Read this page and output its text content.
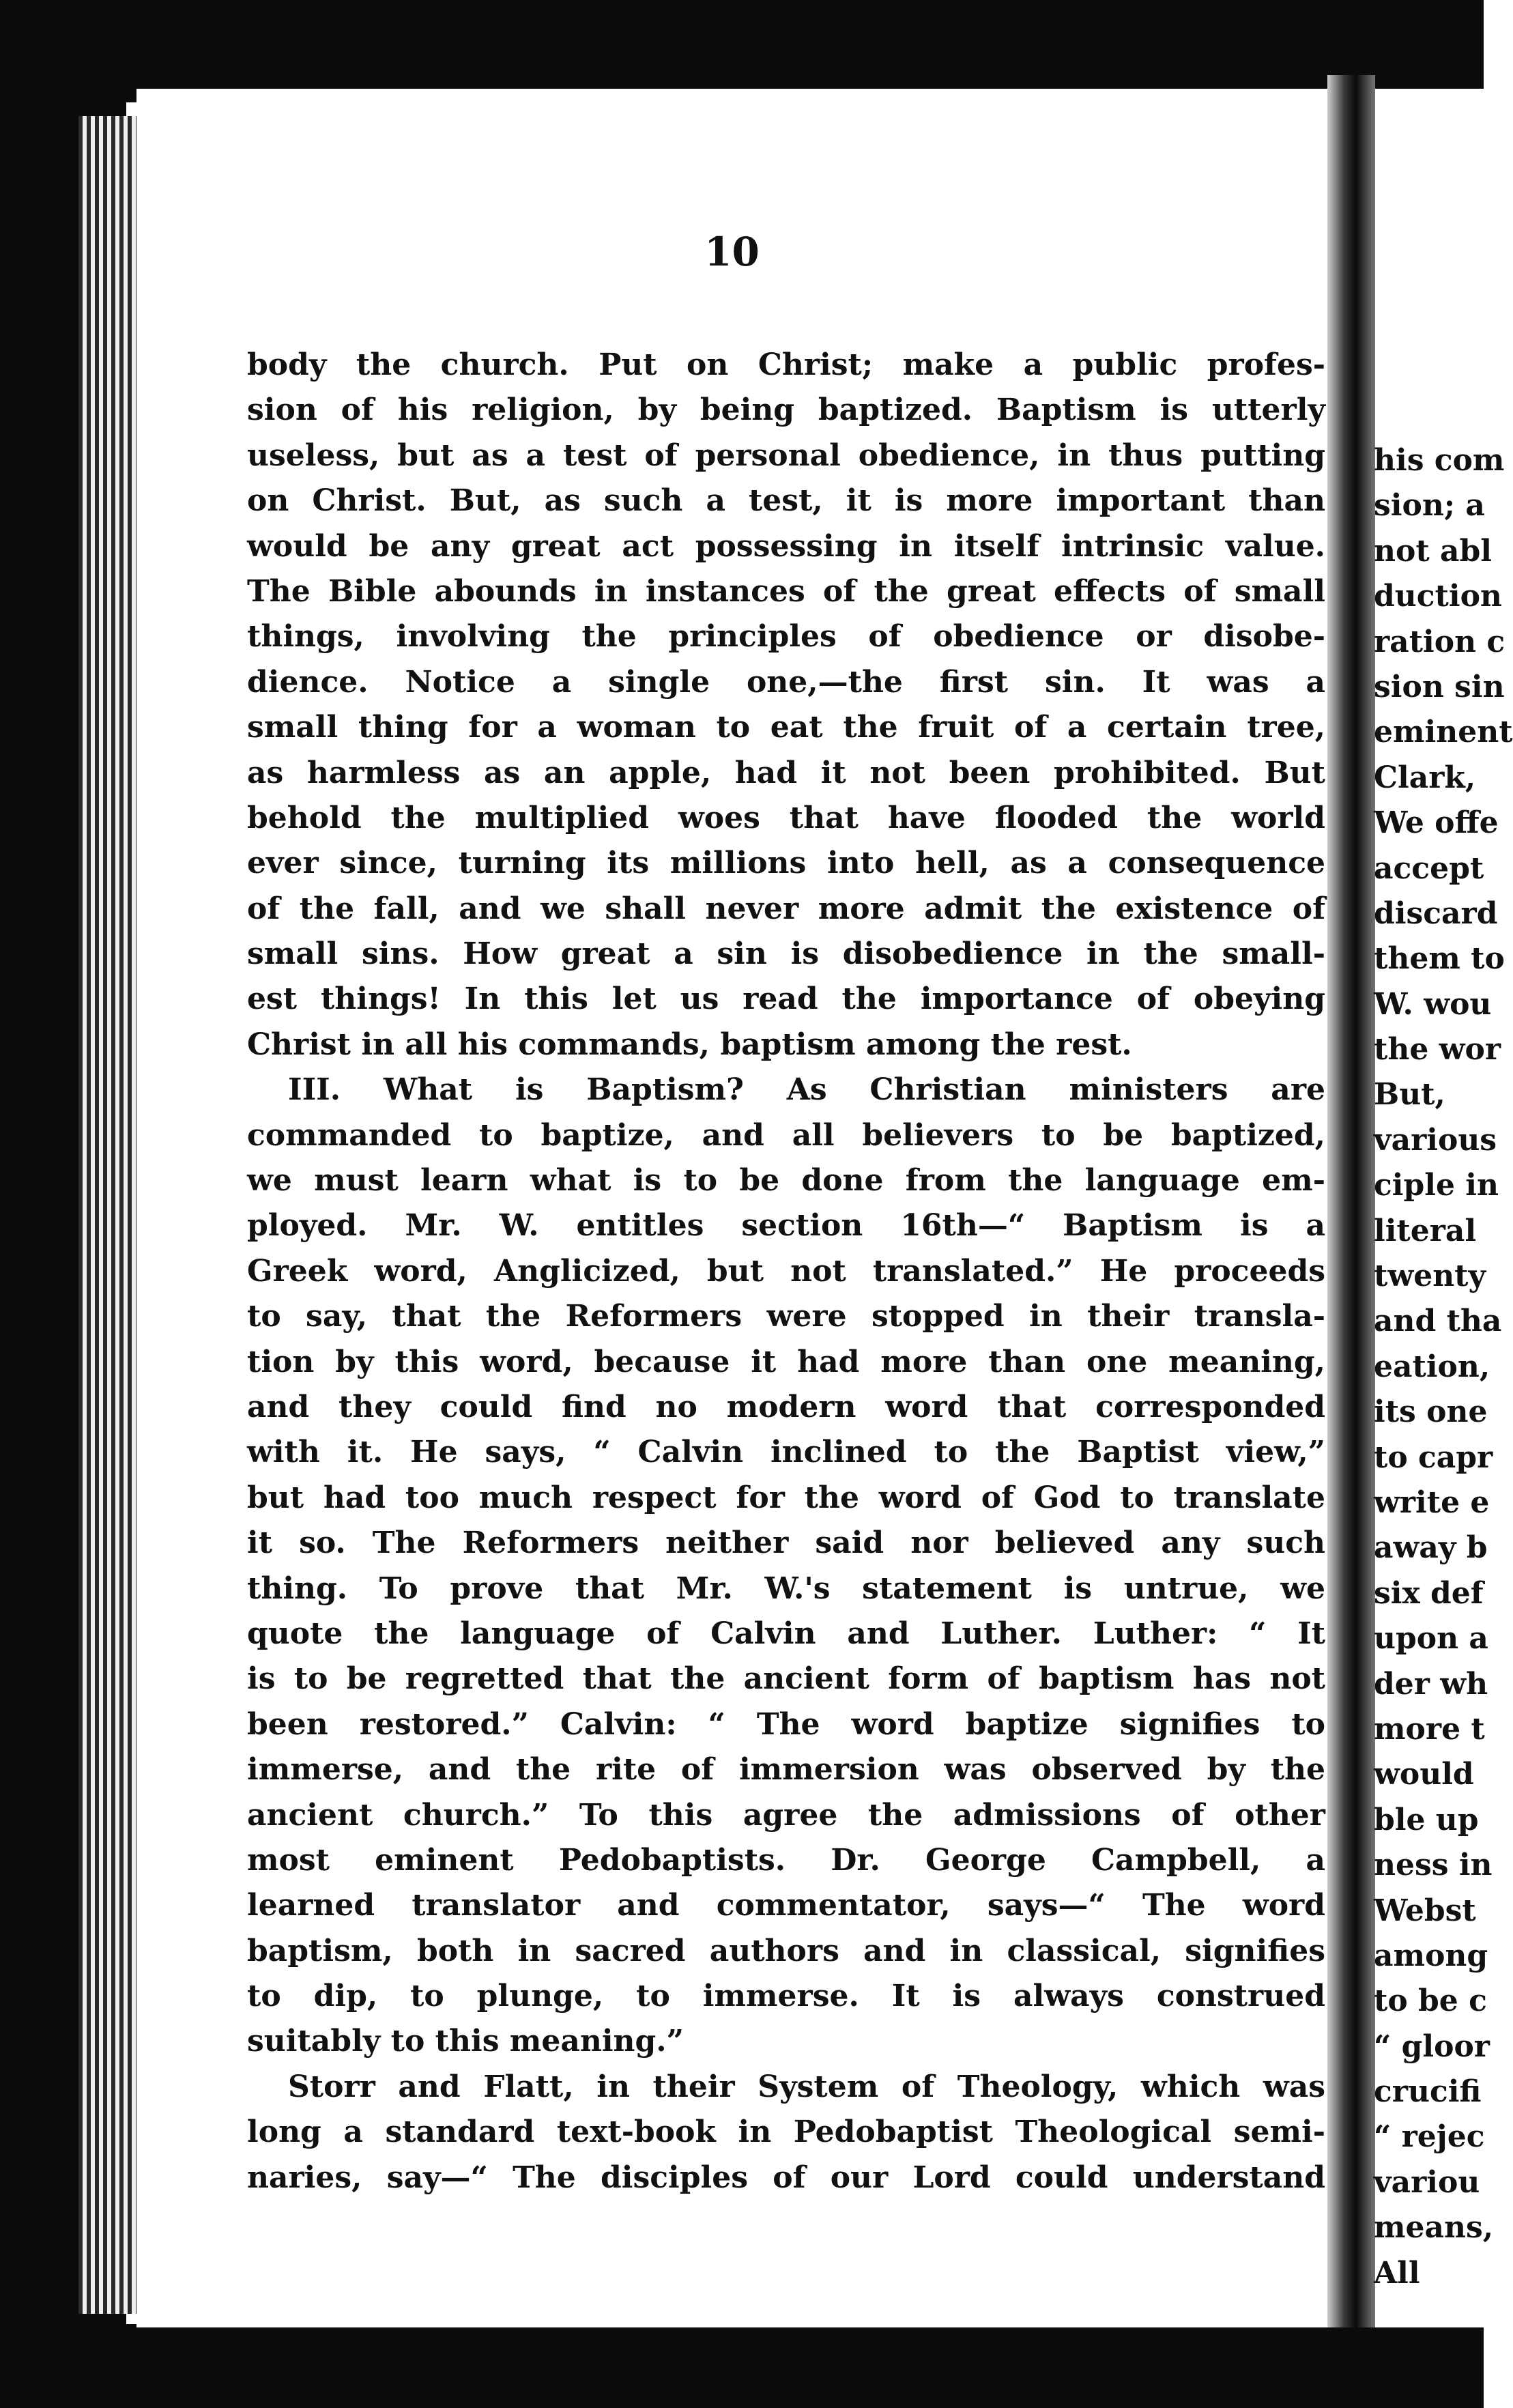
10
body the church. Put on Christ; make a public profes-
sion of his religion, by being baptized. Baptism is utterly
useless, but as a test of personal obedience, in thus putting
on Christ. But, as such a test, it is more important than
would be any great act possessing in itself intrinsic value.
The Bible abounds in instances of the great effects of small
things, involving the principles of obedience or disobe-
dience. Notice a single one,—the first sin. It was a
small thing for a woman to eat the fruit of a certain tree,
as harmless as an apple, had it not been prohibited. But
behold the multiplied woes that have flooded the world
ever since, turning its millions into hell, as a consequence
of the fall, and we shall never more admit the existence of
small sins. How great a sin is disobedience in the small-
est things! In this let us read the importance of obeying
Christ in all his commands, baptism among the rest.
III. What is Baptism? As Christian ministers are
commanded to baptize, and all believers to be baptized,
we must learn what is to be done from the language em-
ployed. Mr. W. entitles section 16th—“ Baptism is a
Greek word, Anglicized, but not translated.” He proceeds
to say, that the Reformers were stopped in their transla-
tion by this word, because it had more than one meaning,
and they could find no modern word that corresponded
with it. He says, “ Calvin inclined to the Baptist view,”
but had too much respect for the word of God to translate
it so. The Reformers neither said nor believed any such
thing. To prove that Mr. W.'s statement is untrue, we
quote the language of Calvin and Luther. Luther: “ It
is to be regretted that the ancient form of baptism has not
been restored.” Calvin: “ The word baptize signifies to
immerse, and the rite of immersion was observed by the
ancient church.” To this agree the admissions of other
most eminent Pedobaptists. Dr. George Campbell, a
learned translator and commentator, says—“ The word
baptism, both in sacred authors and in classical, signifies
to dip, to plunge, to immerse. It is always construed
suitably to this meaning.”
Storr and Flatt, in their System of Theology, which was
long a standard text-book in Pedobaptist Theological semi-
naries, say—“ The disciples of our Lord could understand
his com
sion; a
not abl
duction
ration c
sion sin
eminent
Clark,
We offe
accept
discard
them to
W. wou
the wor
But,
various
ciple in
literal
twenty
and tha
eation,
its one
to capr
write e
away b
six def
upon a
der wh
more t
would
ble up
ness in
Webst
among
to be c
“ gloor
crucifi
“ rejec
variou
means,
All
